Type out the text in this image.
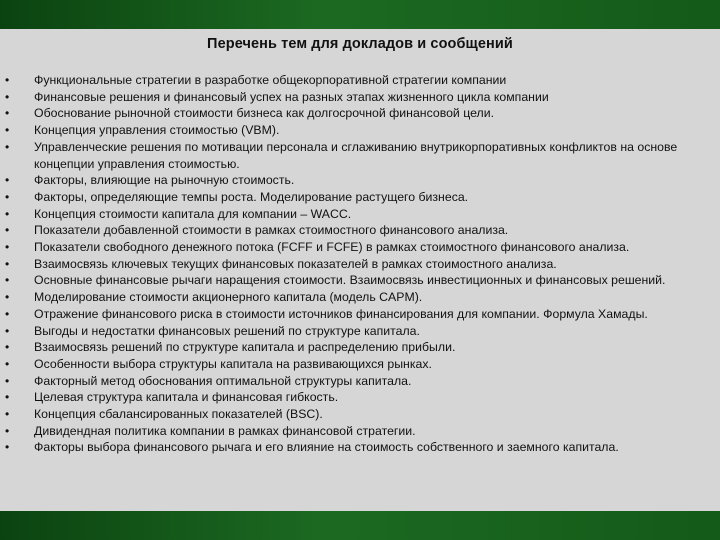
Перечень тем для докладов и сообщений
• Функциональные стратегии в разработке общекорпоративной стратегии компании
• Финансовые решения и финансовый успех на разных этапах жизненного цикла компании
• Обоснование рыночной стоимости бизнеса как долгосрочной финансовой цели.
• Концепция управления стоимостью (VBM).
• Управленческие решения по мотивации персонала и сглаживанию внутрикорпоративных конфликтов на основе концепции управления стоимостью.
• Факторы, влияющие на рыночную стоимость.
• Факторы, определяющие темпы роста. Моделирование растущего бизнеса.
• Концепция стоимости капитала для компании – WACC.
• Показатели добавленной стоимости в рамках стоимостного финансового анализа.
• Показатели свободного денежного потока (FCFF и FCFE) в рамках стоимостного финансового анализа.
• Взаимосвязь ключевых текущих финансовых показателей в рамках стоимостного анализа.
• Основные финансовые рычаги наращения стоимости. Взаимосвязь инвестиционных и финансовых решений.
• Моделирование стоимости акционерного капитала (модель CAPM).
• Отражение финансового риска в стоимости источников финансирования для компании. Формула Хамады.
• Выгоды и недостатки финансовых решений по структуре капитала.
• Взаимосвязь решений по структуре капитала и распределению прибыли.
• Особенности выбора структуры капитала на развивающихся рынках.
• Факторный метод обоснования оптимальной структуры капитала.
• Целевая структура капитала и финансовая гибкость.
• Концепция сбалансированных показателей (BSC).
• Дивидендная политика компании в рамках финансовой стратегии.
• Факторы выбора финансового рычага и его влияние на стоимость собственного и заемного капитала.
